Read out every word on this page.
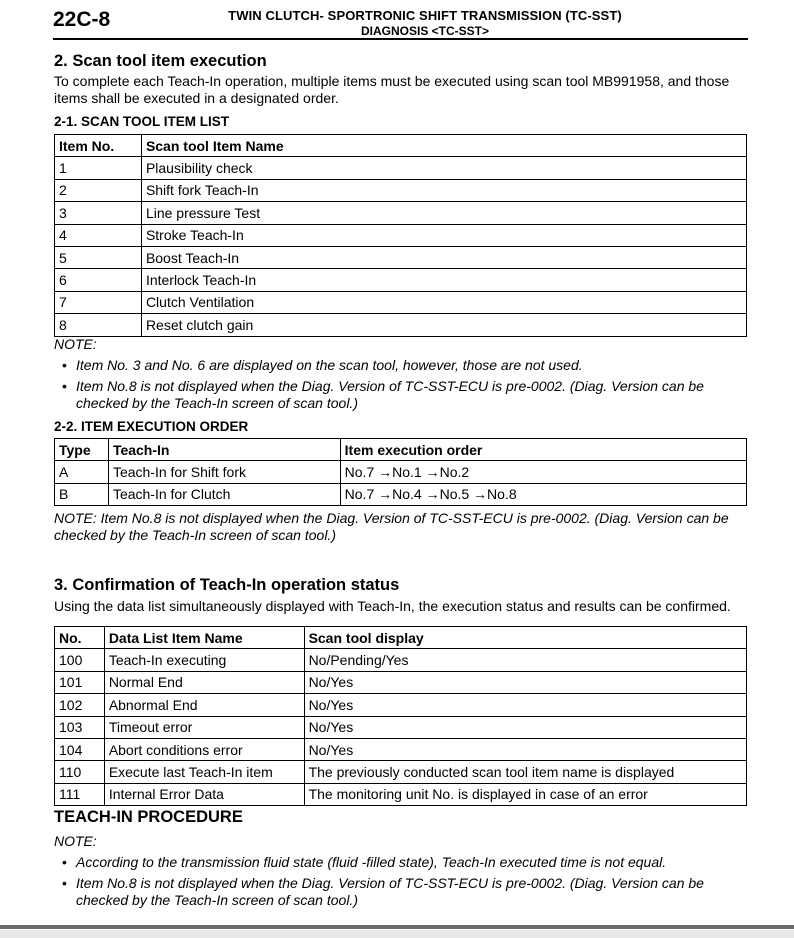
22C-8	TWIN CLUTCH- SPORTRONIC SHIFT TRANSMISSION (TC-SST)
DIAGNOSIS <TC-SST>
2. Scan tool item execution
To complete each Teach-In operation, multiple items must be executed using scan tool MB991958, and those
items shall be executed in a designated order.
2-1. SCAN TOOL ITEM LIST
Item No.	Scan tool Item Name
1	Plausibility check
2	Shift fork Teach-In
3	Line pressure Test
4	Stroke Teach-In
5	Boost Teach-In
6	Interlock Teach-In
7	Clutch Ventilation
8	Reset clutch gain
NOTE:
• Item No. 3 and No. 6 are displayed on the scan tool, however, those are not used.
• Item No.8 is not displayed when the Diag. Version of TC-SST-ECU is pre-0002. (Diag. Version can be
checked by the Teach-In screen of scan tool.)
2-2. ITEM EXECUTION ORDER
Type	Teach-In	Item execution order
A	Teach-In for Shift fork	No.7 →No.1 →No.2
B	Teach-In for Clutch	No.7 →No.4 →No.5 →No.8
NOTE: Item No.8 is not displayed when the Diag. Version of TC-SST-ECU is pre-0002. (Diag. Version can be
checked by the Teach-In screen of scan tool.)
3. Confirmation of Teach-In operation status
Using the data list simultaneously displayed with Teach-In, the execution status and results can be confirmed.
No.	Data List Item Name	Scan tool display
100	Teach-In executing	No/Pending/Yes
101	Normal End	No/Yes
102	Abnormal End	No/Yes
103	Timeout error	No/Yes
104	Abort conditions error	No/Yes
110	Execute last Teach-In item	The previously conducted scan tool item name is displayed
111	Internal Error Data	The monitoring unit No. is displayed in case of an error
TEACH-IN PROCEDURE
NOTE:
• According to the transmission fluid state (fluid -filled state), Teach-In executed time is not equal.
• Item No.8 is not displayed when the Diag. Version of TC-SST-ECU is pre-0002. (Diag. Version can be
checked by the Teach-In screen of scan tool.)
